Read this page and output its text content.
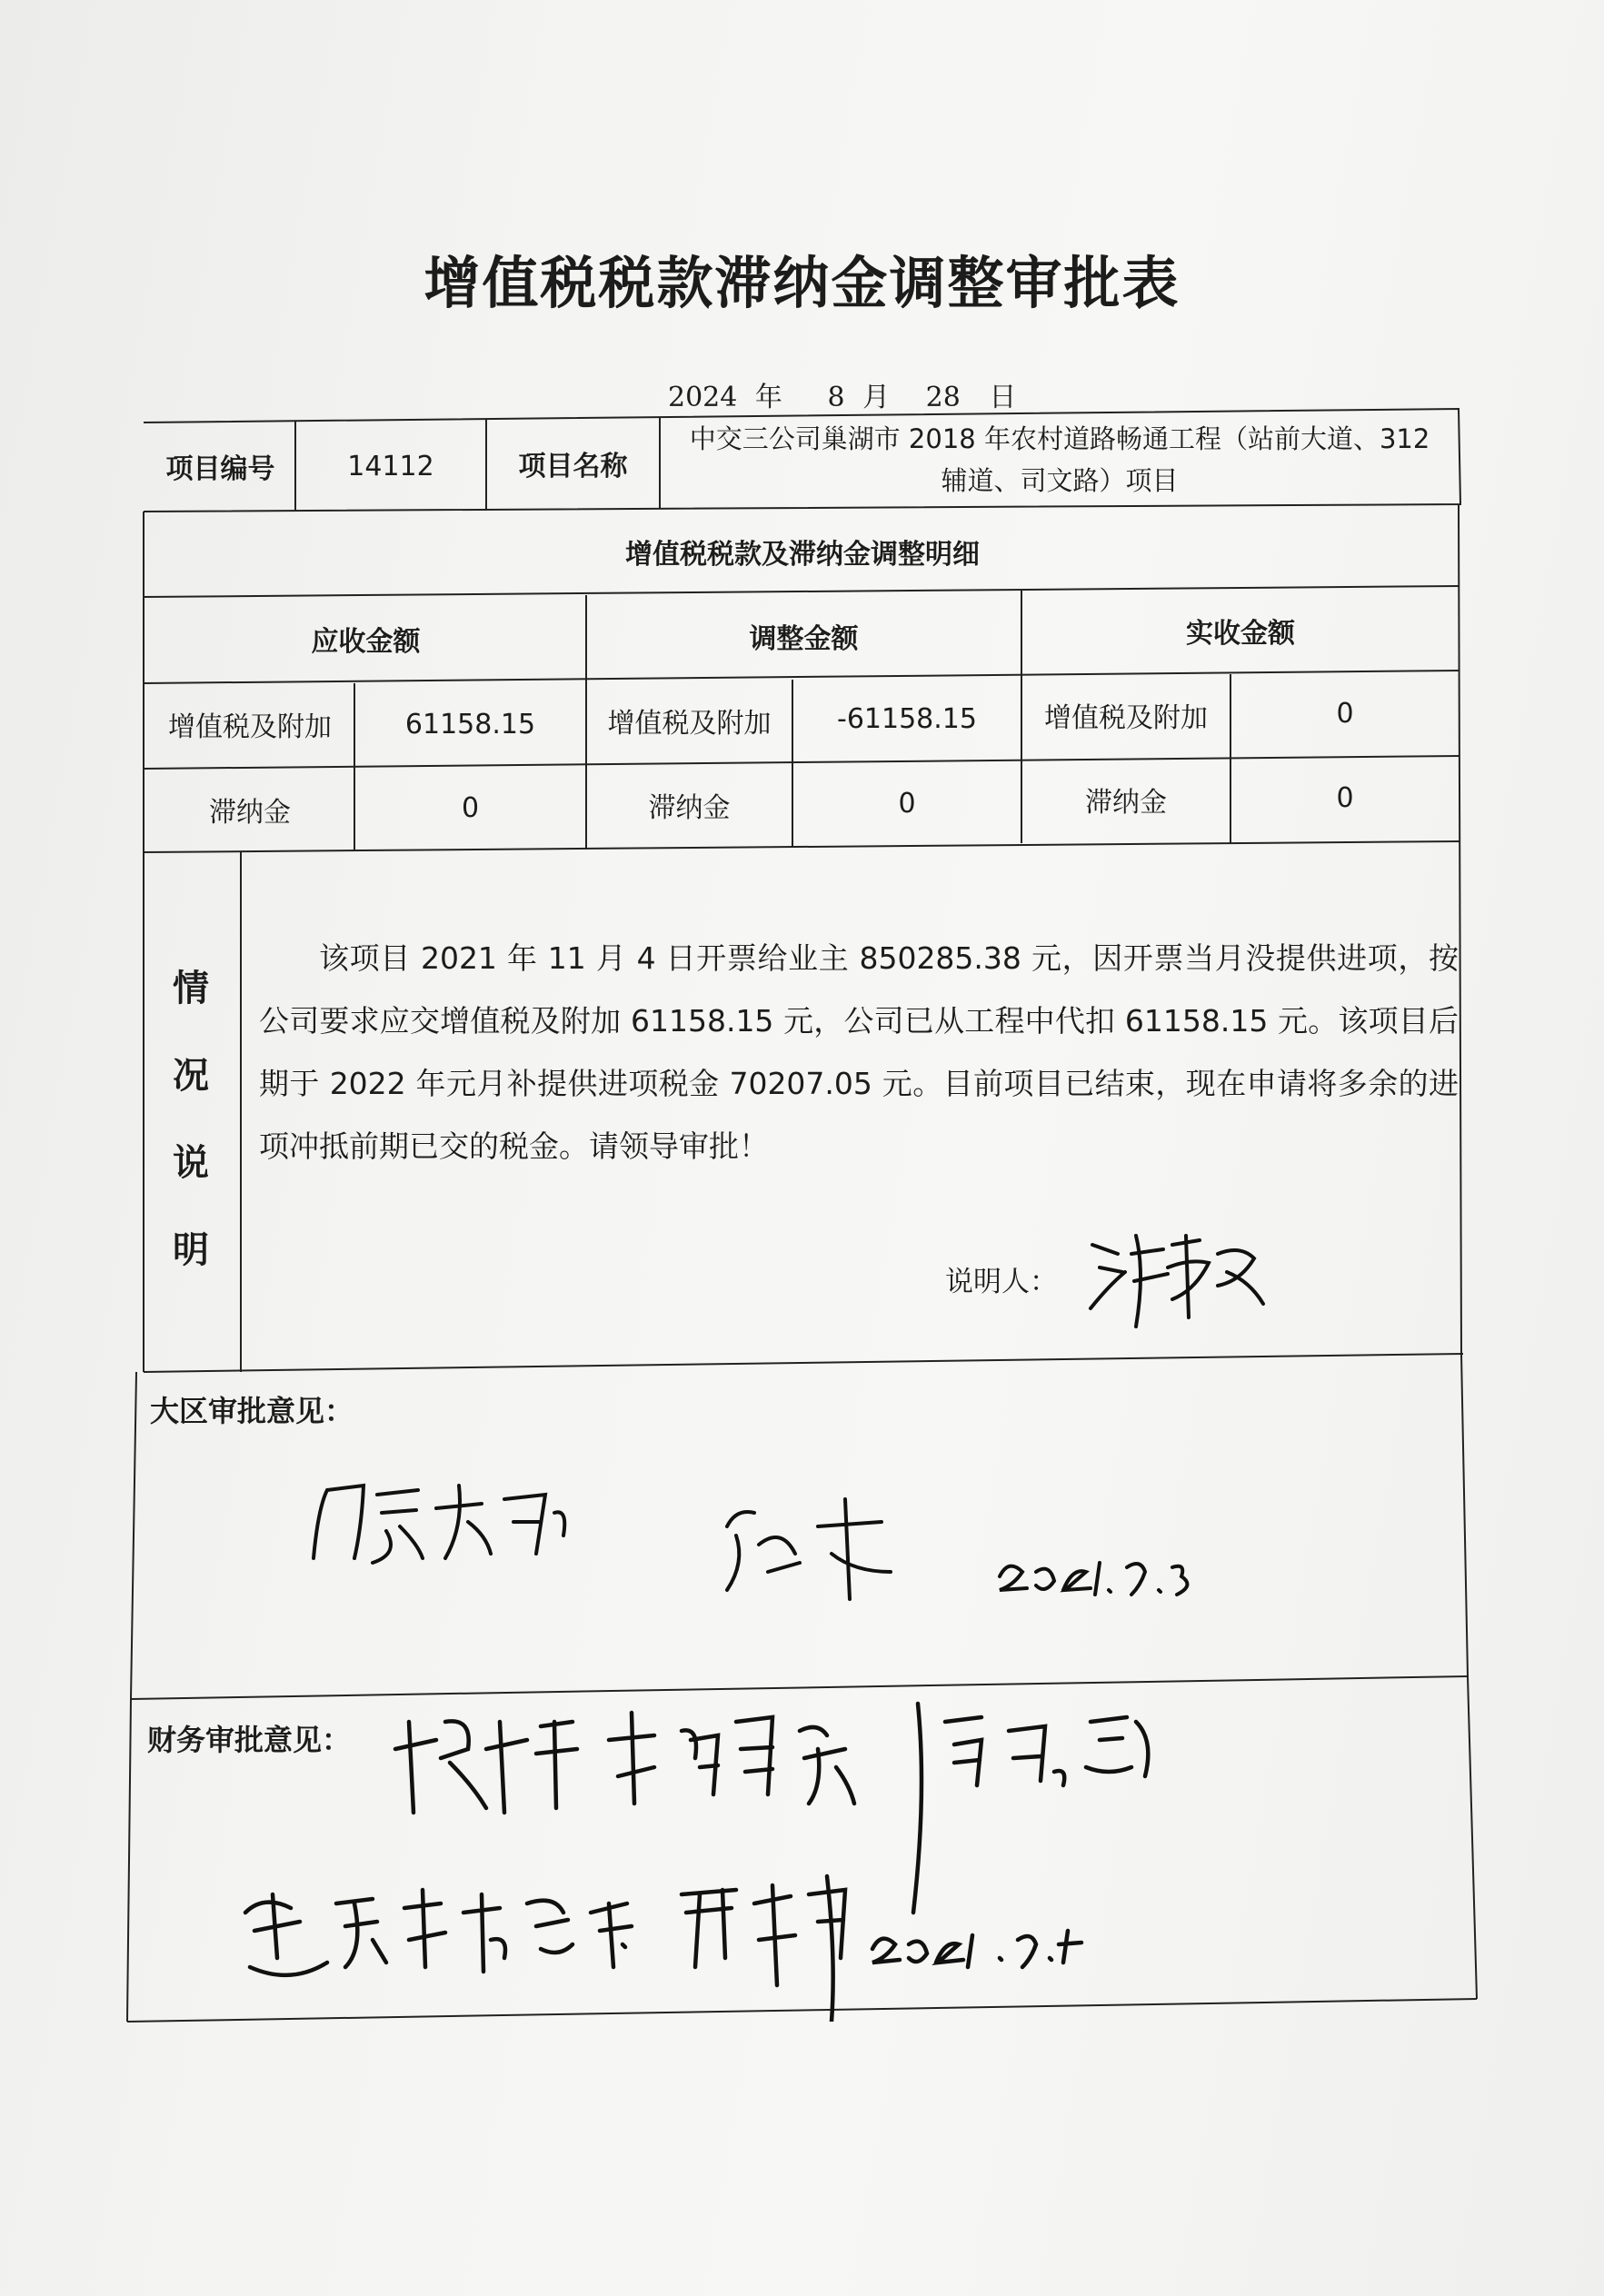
增值税税款滞纳金调整审批表
2024 年 8 月 28 日
项目编号	14112	项目名称
中交三公司巢湖市 2018 年农村道路畅通工程（站前大道、312
辅道、司文路）项目
增值税税款及滞纳金调整明细
应收金额	调整金额	实收金额
增值税及附加	61158.15	增值税及附加	-61158.15	增值税及附加	0
滞纳金	0	滞纳金	0	滞纳金	0
情
况
说
明
该项目 2021 年 11 月 4 日开票给业主 850285.38 元，因开票当月没提供进项，按公司要求应交增值税及附加 61158.15 元，公司已从工程中代扣 61158.15 元。该项目后期于 2022 年元月补提供进项税金 70207.05 元。目前项目已结束，现在申请将多余的进项冲抵前期已交的税金。请领导审批！
说明人：
大区审批意见：
财务审批意见：
